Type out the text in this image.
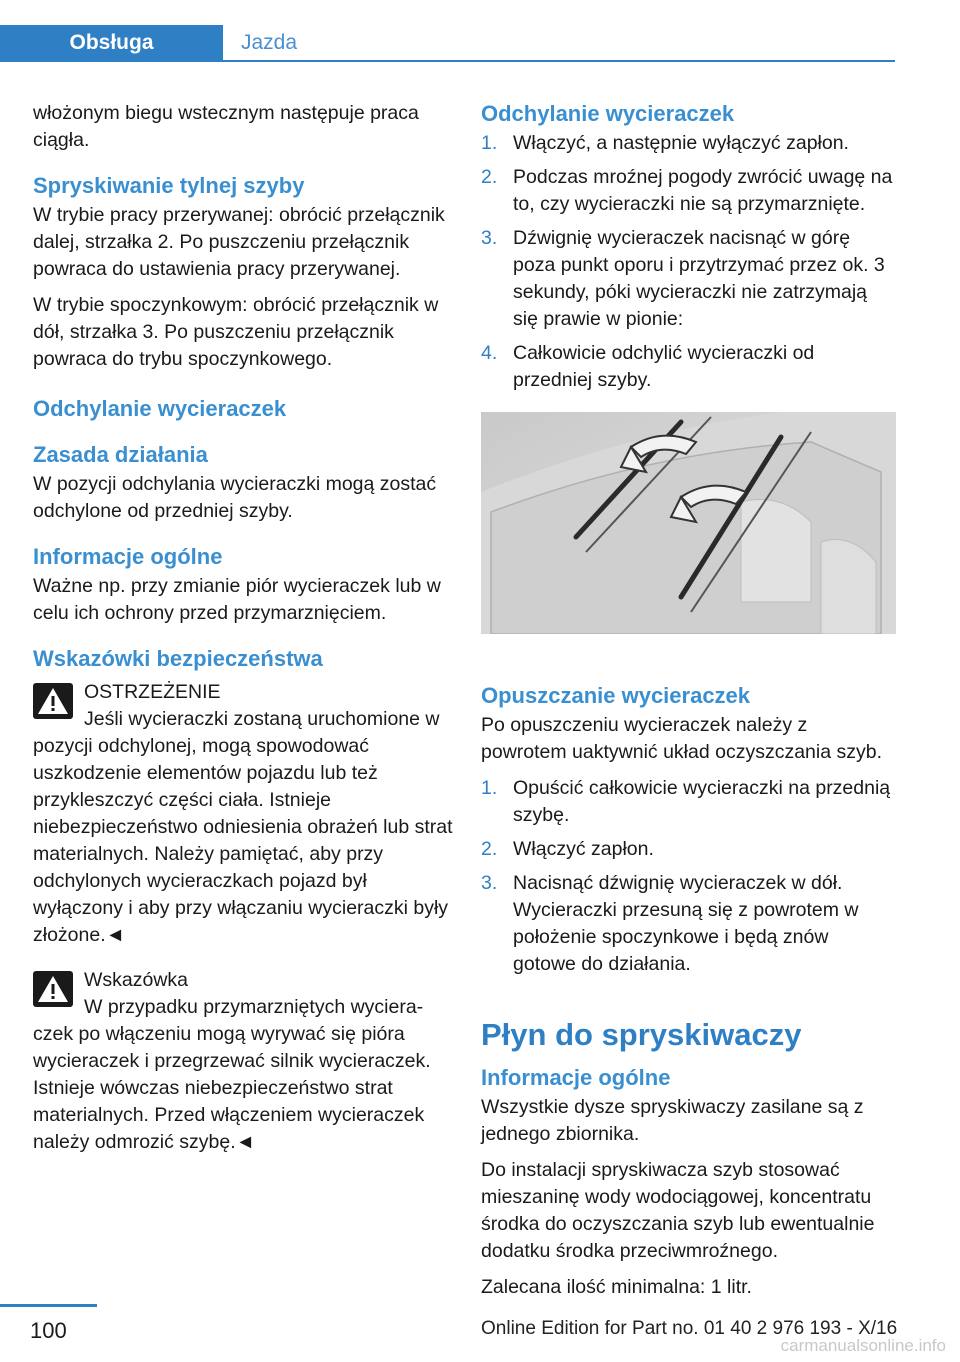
Obsługa	Jazda

włożonym biegu wstecznym następuje praca ciągła.

Spryskiwanie tylnej szyby

W trybie pracy przerywanej: obrócić przełącznik dalej, strzałka 2. Po puszczeniu przełącznik powraca do ustawienia pracy przerywanej.

W trybie spoczynkowym: obrócić przełącznik w dół, strzałka 3. Po puszczeniu przełącznik powraca do trybu spoczynkowego.

Odchylanie wycieraczek
Zasada działania

W pozycji odchylania wycieraczki mogą zostać odchylone od przedniej szyby.

Informacje ogólne

Ważne np. przy zmianie piór wycieraczek lub w celu ich ochrony przed przymarznięciem.

Wskazówki bezpieczeństwa
OSTRZEŻENIE
Jeśli wycieraczki zostaną uruchomione w
pozycji odchylonej, mogą spowodować uszkodzenie elementów pojazdu lub też przyklеszczyć części ciała. Istnieje niebezpieczeństwo odniesienia obrażeń lub strat materialnych. Należy pamiętać, aby przy odchylonych wycieraczkach pojazd był wyłączony i aby przy włączaniu wycieraczki były złożone.◄
Wskazówka
W przypadku przymarzniętych wyciera-
czek po włączeniu mogą wyrywać się pióra wycieraczek i przegrzewać silnik wycieraczek. Istnieje wówczas niebezpieczeństwo strat materialnych. Przed włączeniem wycieraczek należy odmrozić szybę.◄
Odchylanie wycieraczek
1. Włączyć, a następnie wyłączyć zapłon.
2. Podczas mroźnej pogody zwrócić uwagę na to, czy wycieraczki nie są przymarznięte.
3. Dźwignię wycieraczek nacisnąć w górę poza punkt oporu i przytrzymać przez ok. 3 sekundy, póki wycieraczki nie zatrzymają się prawie w pionie:
4. Całkowicie odchylić wycieraczki od przedniej szyby.
Opuszczanie wycieraczek

Po opuszczeniu wycieraczek należy z powrotem uaktywnić układ oczyszczania szyb.

1. Opuścić całkowicie wycieraczki na przednią szybę.
2. Włączyć zapłon.
3. Nacisnąć dźwignię wycieraczek w dół. Wycieraczki przesuną się z powrotem w położenie spoczynkowe i będą znów gotowe do działania.
Płyn do spryskiwaczy
Informacje ogólne

Wszystkie dysze spryskiwaczy zasilane są z jednego zbiornika.

Do instalacji spryskiwacza szyb stosować mieszaninę wody wodociągowej, koncentratu środka do oczyszczania szyb lub ewentualnie dodatku środka przeciwmroźnego.

Zalecana ilość minimalna: 1 litr.

100	Online Edition for Part no. 01 40 2 976 193 - X/16
carmanualsonline.info
